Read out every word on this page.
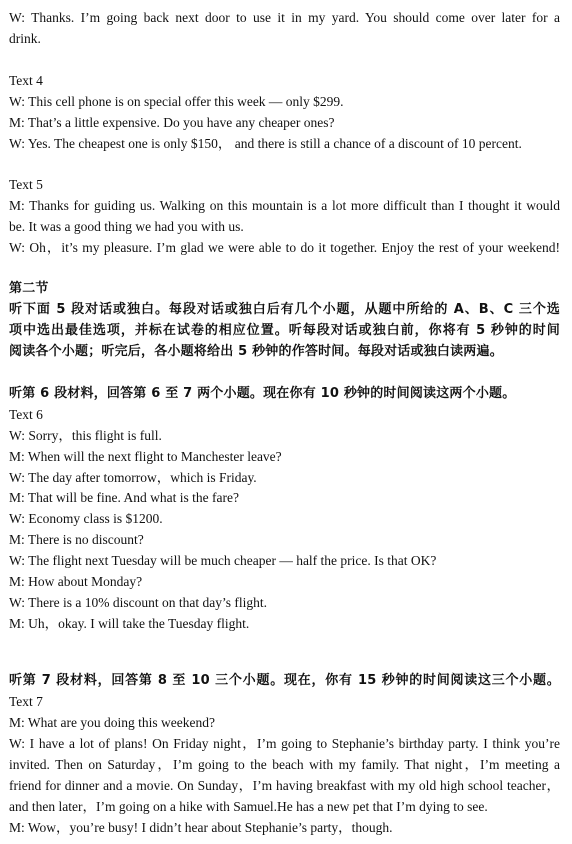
W: Thanks. I’m going back next door to use it in my yard. You should come over later for a
drink.
Text 4
W: This cell phone is on special offer this week — only $299.
M: That’s a little expensive. Do you have any cheaper ones?
W: Yes. The cheapest one is only $150， and there is still a chance of a discount of 10 percent.
Text 5
M: Thanks for guiding us. Walking on this mountain is a lot more difficult than I thought it would
be. It was a good thing we had you with us.
W: Oh，it’s my pleasure. I’m glad we were able to do it together. Enjoy the rest of your weekend!
第二节
听下面 5 段对话或独白。每段对话或独白后有几个小题，从题中所给的 A、B、C 三个选
项中选出最佳选项，并标在试卷的相应位置。听每段对话或独白前，你将有 5 秒钟的时间
阅读各个小题；听完后，各小题将给出 5 秒钟的作答时间。每段对话或独白读两遍。
听第 6 段材料，回答第 6 至 7 两个小题。现在你有 10 秒钟的时间阅读这两个小题。
Text 6
W: Sorry，this flight is full.
M: When will the next flight to Manchester leave?
W: The day after tomorrow，which is Friday.
M: That will be fine. And what is the fare?
W: Economy class is $1200.
M: There is no discount?
W: The flight next Tuesday will be much cheaper — half the price. Is that OK?
M: How about Monday?
W: There is a 10% discount on that day’s flight.
M: Uh，okay. I will take the Tuesday flight.
听第 7 段材料，回答第 8 至 10 三个小题。现在，你有 15 秒钟的时间阅读这三个小题。
Text 7
M: What are you doing this weekend?
W: I have a lot of plans! On Friday night，I’m going to Stephanie’s birthday party. I think you’re
invited. Then on Saturday，I’m going to the beach with my family. That night，I’m meeting a
friend for dinner and a movie. On Sunday，I’m having breakfast with my old high school teacher，
and then later，I’m going on a hike with Samuel.He has a new pet that I’m dying to see.
M: Wow，you’re busy! I didn’t hear about Stephanie’s party，though.
